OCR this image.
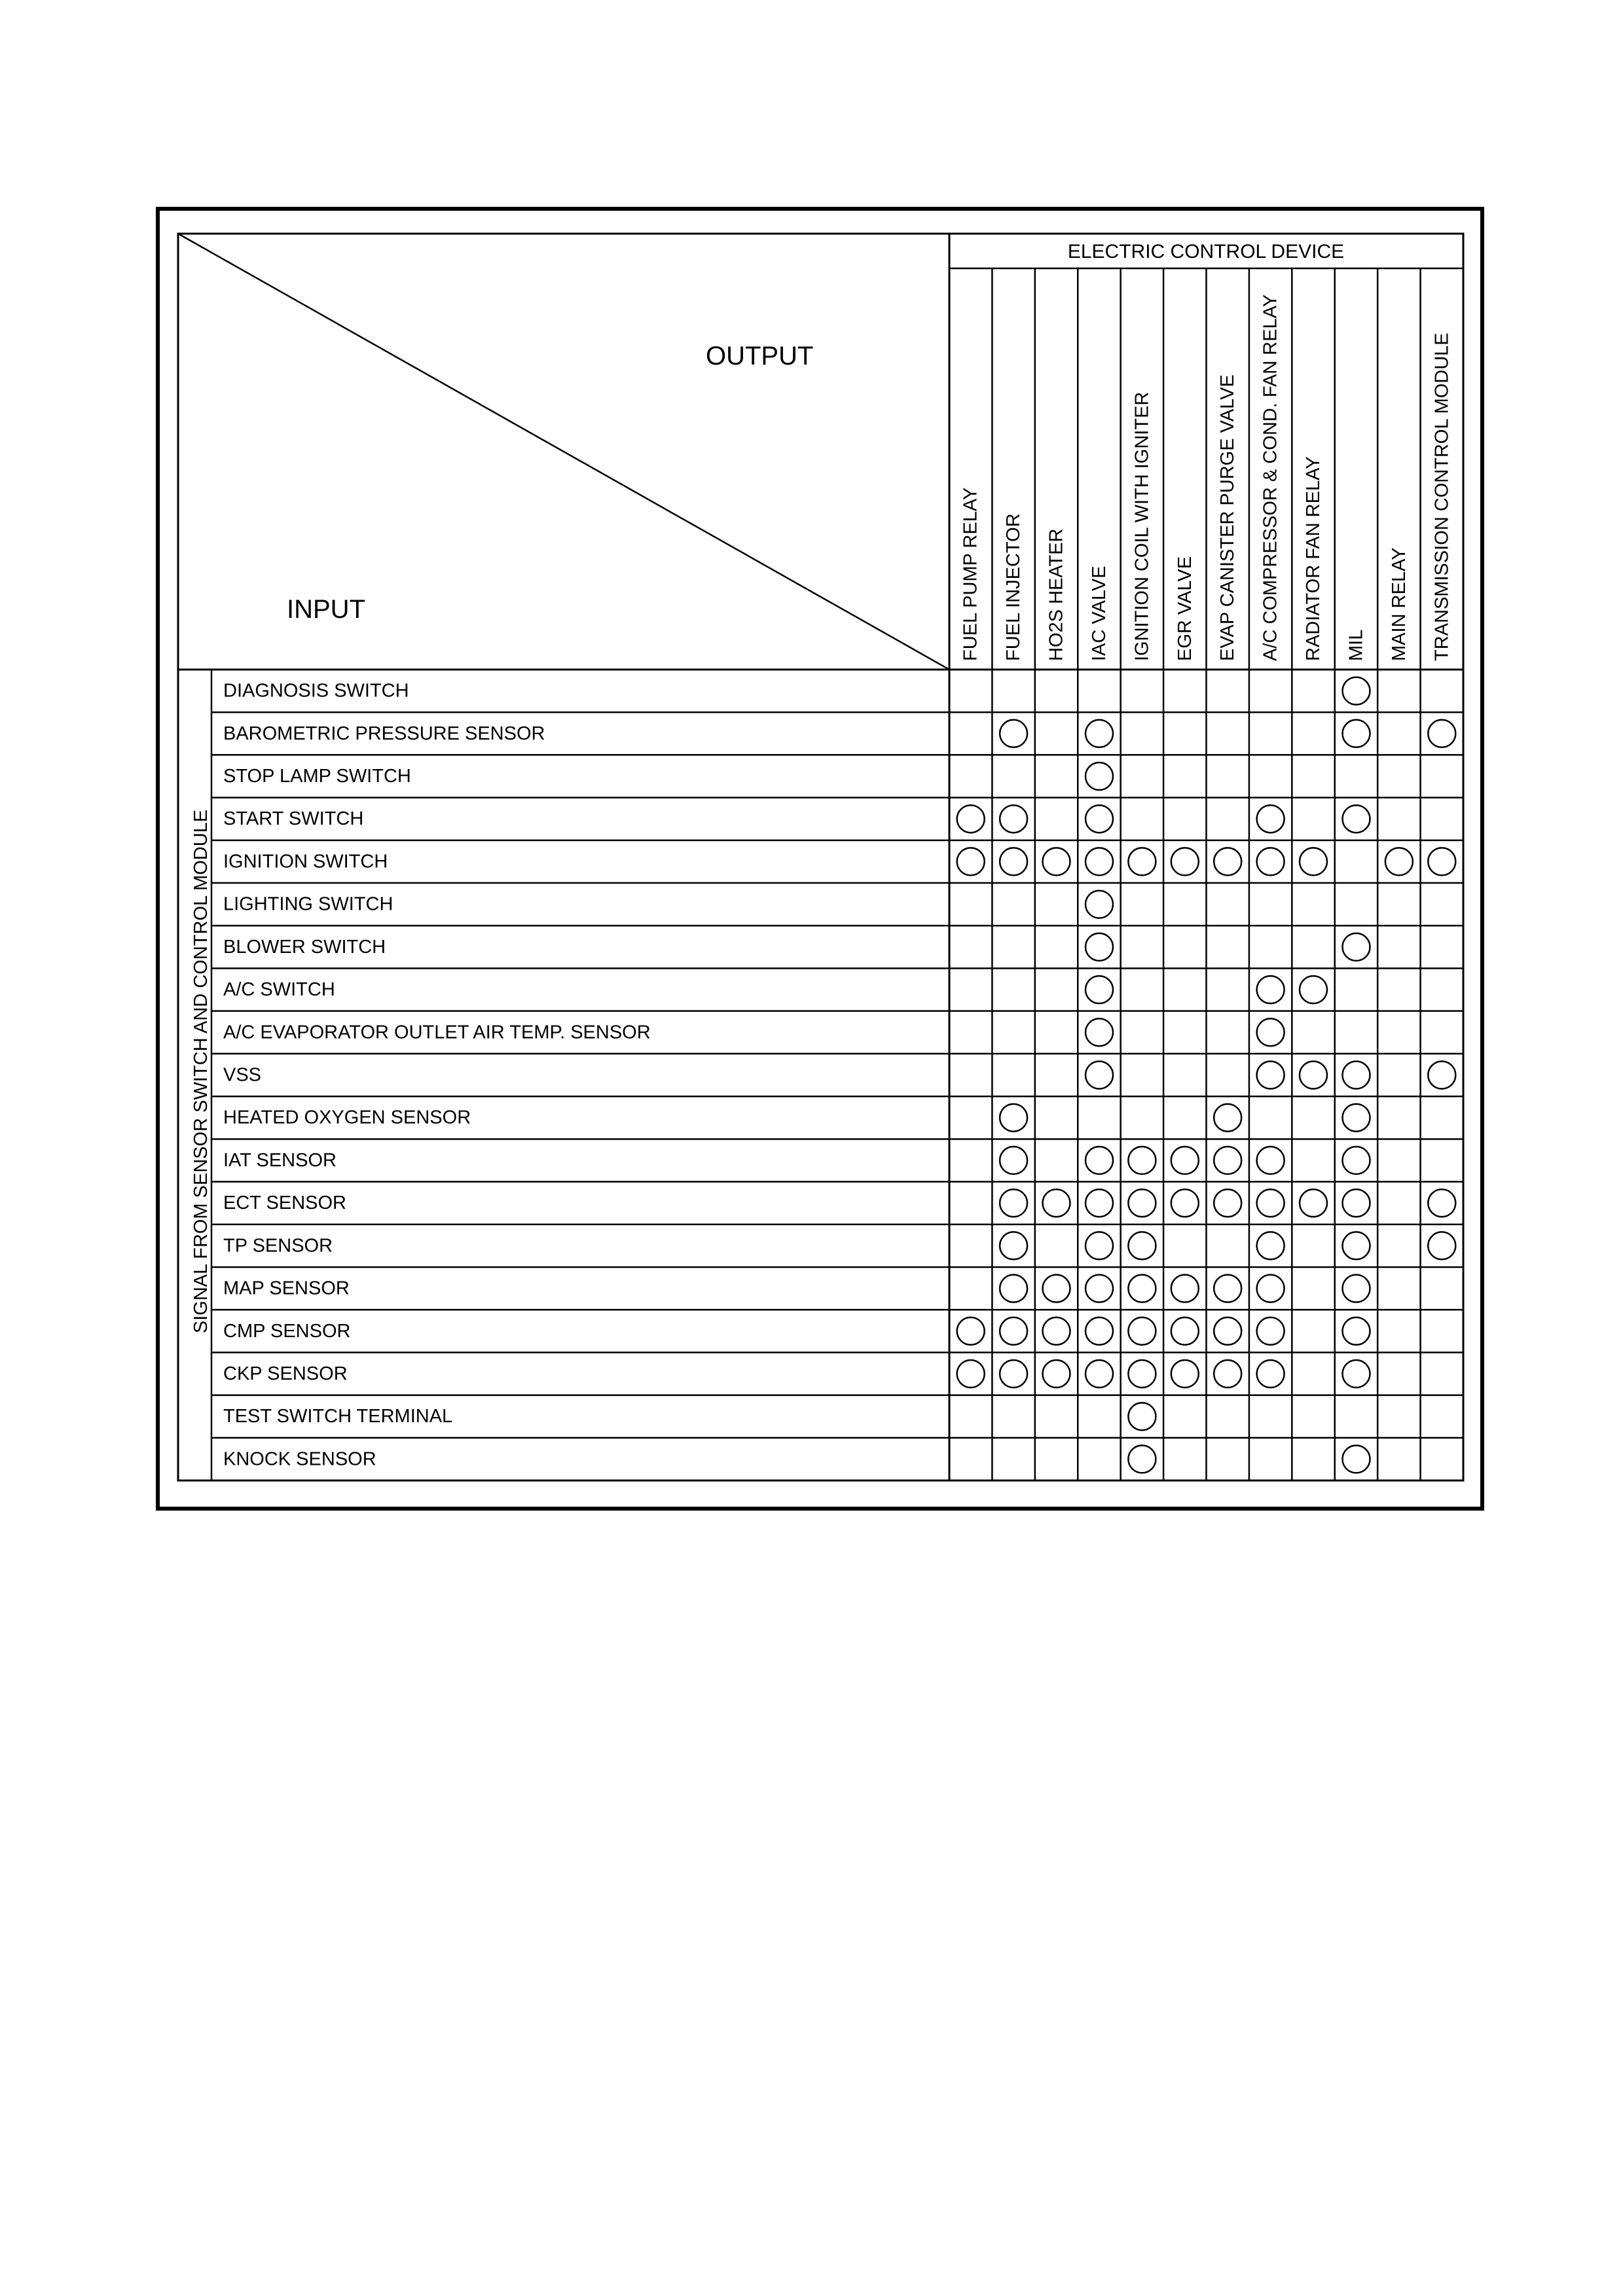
OUTPUT
INPUT
ELECTRIC CONTROL DEVICE
SIGNAL FROM SENSOR SWITCH AND CONTROL MODULE
FUEL PUMP RELAY FUEL INJECTOR HO2S HEATER IAC VALVE IGNITION COIL WITH IGNITER EGR VALVE EVAP CANISTER PURGE VALVE A/C COMPRESSOR & COND. FAN RELAY RADIATOR FAN RELAY MIL MAIN RELAY TRANSMISSION CONTROL MODULE
DIAGNOSIS SWITCH
BAROMETRIC PRESSURE SENSOR
STOP LAMP SWITCH
START SWITCH
IGNITION SWITCH
LIGHTING SWITCH
BLOWER SWITCH
A/C SWITCH
A/C EVAPORATOR OUTLET AIR TEMP. SENSOR
VSS
HEATED OXYGEN SENSOR
IAT SENSOR
ECT SENSOR
TP SENSOR
MAP SENSOR
CMP SENSOR
CKP SENSOR
TEST SWITCH TERMINAL
KNOCK SENSOR
